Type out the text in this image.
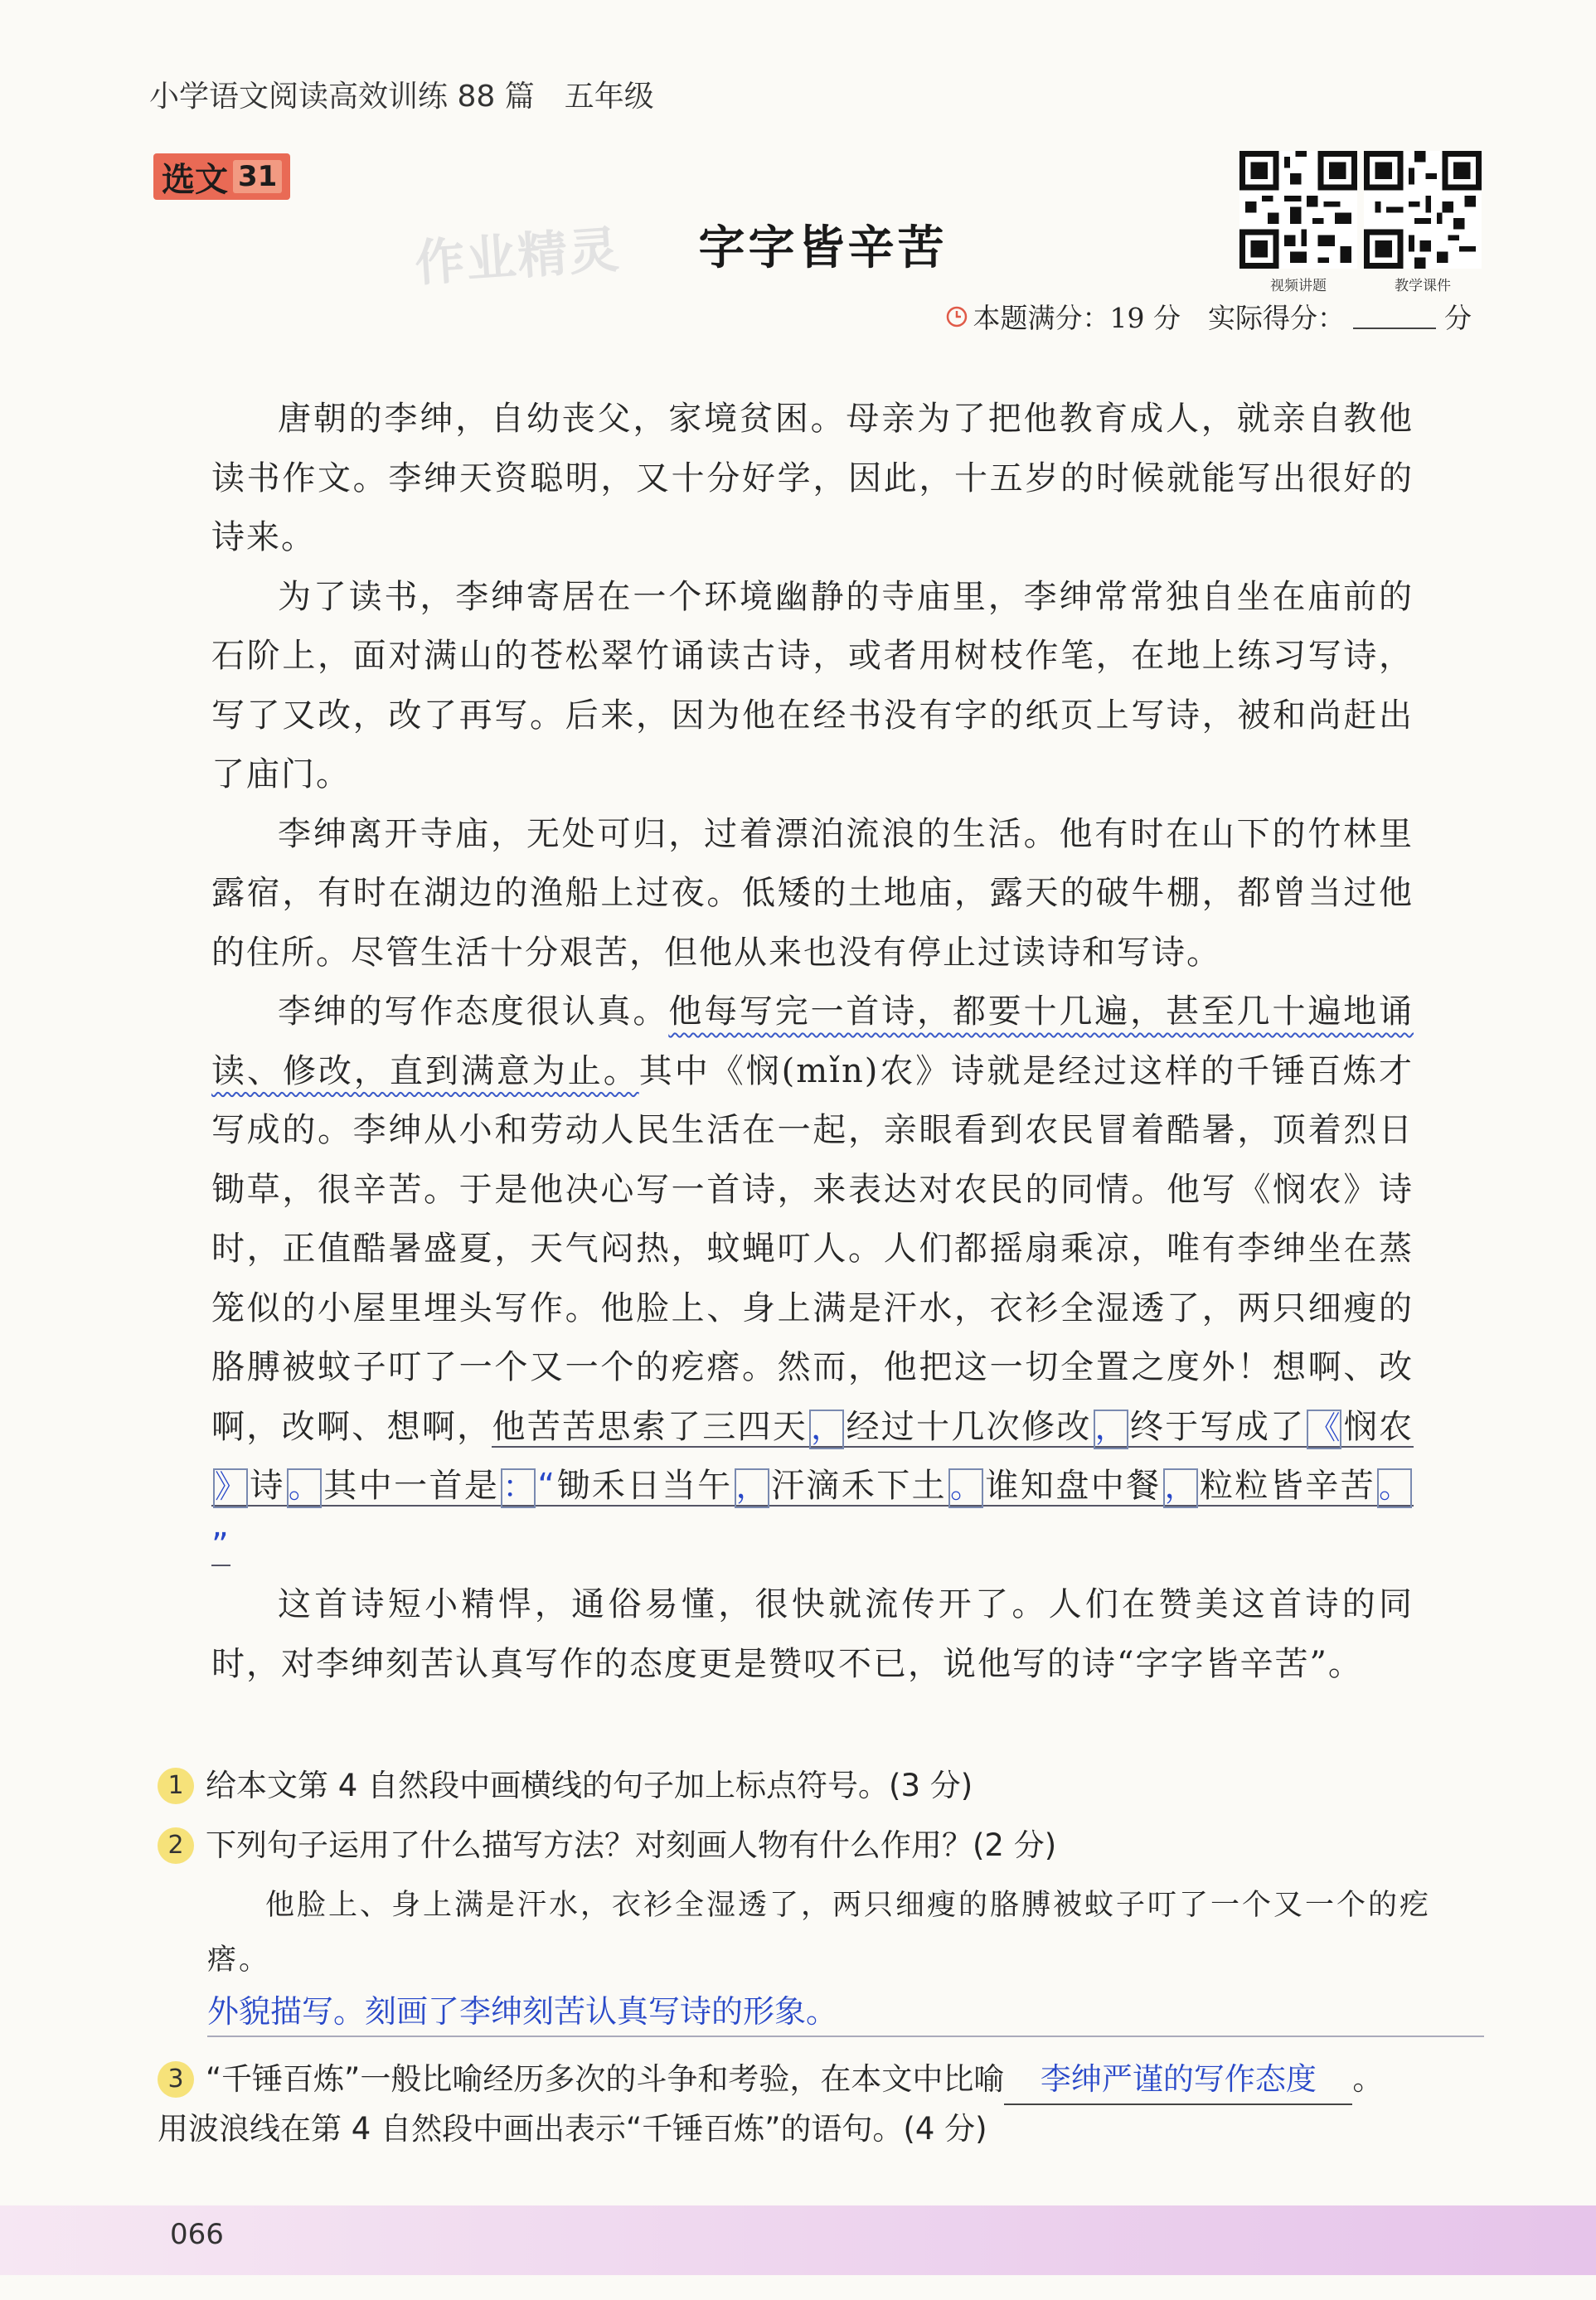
小学语文阅读高效训练 88 篇　五年级
选文 31
作业精灵	字字皆辛苦
视频讲题	教学课件
本题满分：19 分　实际得分：	分

唐朝的李绅，自幼丧父，家境贫困。母亲为了把他教育成人，就亲自教他读书作文。李绅天资聪明，又十分好学，因此，十五岁的时候就能写出很好的诗来。

为了读书，李绅寄居在一个环境幽静的寺庙里，李绅常常独自坐在庙前的石阶上，面对满山的苍松翠竹诵读古诗，或者用树枝作笔，在地上练习写诗，写了又改，改了再写。后来，因为他在经书没有字的纸页上写诗，被和尚赶出了庙门。

李绅离开寺庙，无处可归，过着漂泊流浪的生活。他有时在山下的竹林里露宿，有时在湖边的渔船上过夜。低矮的土地庙，露天的破牛棚，都曾当过他的住所。尽管生活十分艰苦，但他从来也没有停止过读诗和写诗。

李绅的写作态度很认真。他每写完一首诗，都要十几遍，甚至几十遍地诵读、修改，直到满意为止。其中《悯(mǐn)农》诗就是经过这样的千锤百炼才写成的。李绅从小和劳动人民生活在一起，亲眼看到农民冒着酷暑，顶着烈日锄草，很辛苦。于是他决心写一首诗，来表达对农民的同情。他写《悯农》诗时，正值酷暑盛夏，天气闷热，蚊蝇叮人。人们都摇扇乘凉，唯有李绅坐在蒸笼似的小屋里埋头写作。他脸上、身上满是汗水，衣衫全湿透了，两只细瘦的胳膊被蚊子叮了一个又一个的疙瘩。然而，他把这一切全置之度外！想啊、改啊，改啊、想啊，他苦苦思索了三四天 ，经过十几次修改 ，终于写成了 《悯农》诗 。其中一首是 ：“锄禾日当午 ，汗滴禾下土 。谁知盘中餐 ，粒粒皆辛苦 。”

这首诗短小精悍，通俗易懂，很快就流传开了。人们在赞美这首诗的同时，对李绅刻苦认真写作的态度更是赞叹不已，说他写的诗“字字皆辛苦”。

1 给本文第 4 自然段中画横线的句子加上标点符号。(3 分)
2 下列句子运用了什么描写方法？对刻画人物有什么作用？(2 分)
他脸上、身上满是汗水，衣衫全湿透了，两只细瘦的胳膊被蚊子叮了一个又一个的疙瘩。
外貌描写。刻画了李绅刻苦认真写诗的形象。
3 “千锤百炼”一般比喻经历多次的斗争和考验，在本文中比喻	李绅严谨的写作态度	。
用波浪线在第 4 自然段中画出表示“千锤百炼”的语句。(4 分)
066
